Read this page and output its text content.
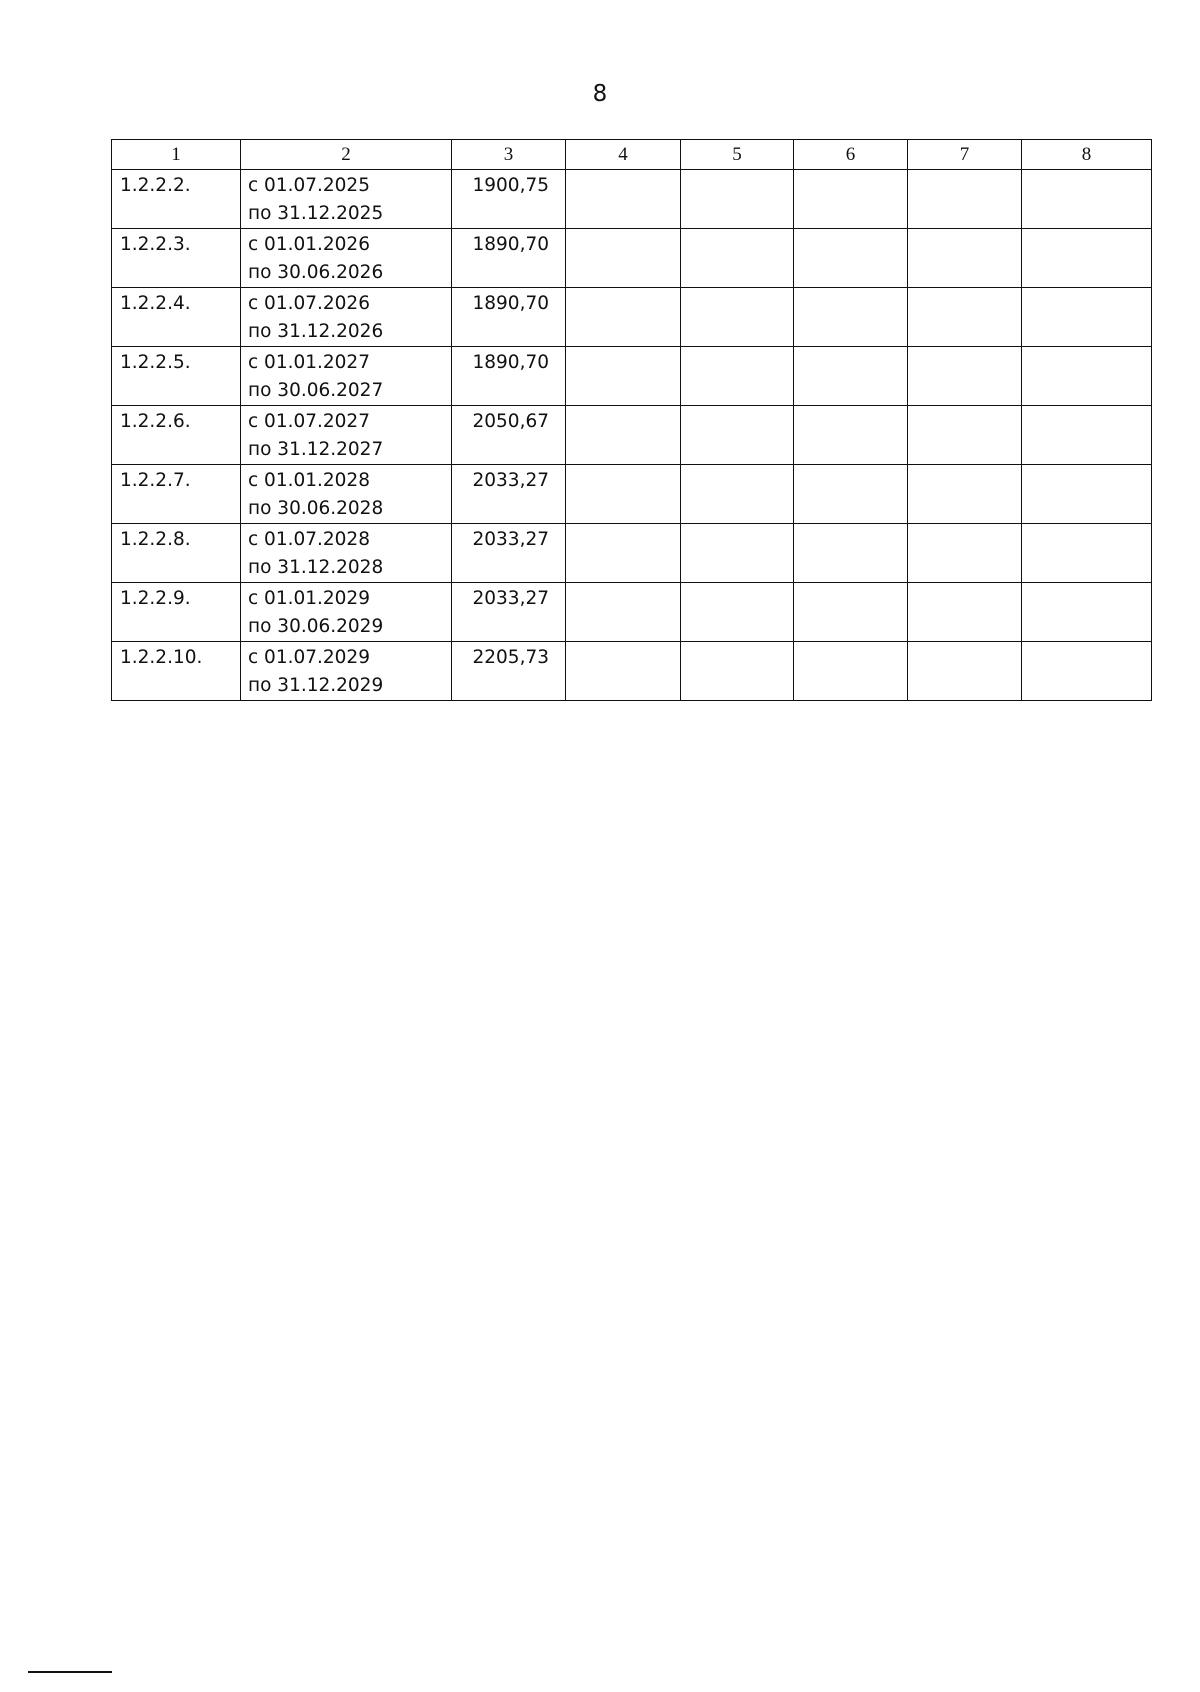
8
1	2	3	4	5	6	7	8
1.2.2.2.	с 01.07.2025 по 31.12.2025	1900,75					
1.2.2.3.	с 01.01.2026 по 30.06.2026	1890,70					
1.2.2.4.	с 01.07.2026 по 31.12.2026	1890,70					
1.2.2.5.	с 01.01.2027 по 30.06.2027	1890,70					
1.2.2.6.	с 01.07.2027 по 31.12.2027	2050,67					
1.2.2.7.	с 01.01.2028 по 30.06.2028	2033,27					
1.2.2.8.	с 01.07.2028 по 31.12.2028	2033,27					
1.2.2.9.	с 01.01.2029 по 30.06.2029	2033,27					
1.2.2.10.	с 01.07.2029 по 31.12.2029	2205,73					
